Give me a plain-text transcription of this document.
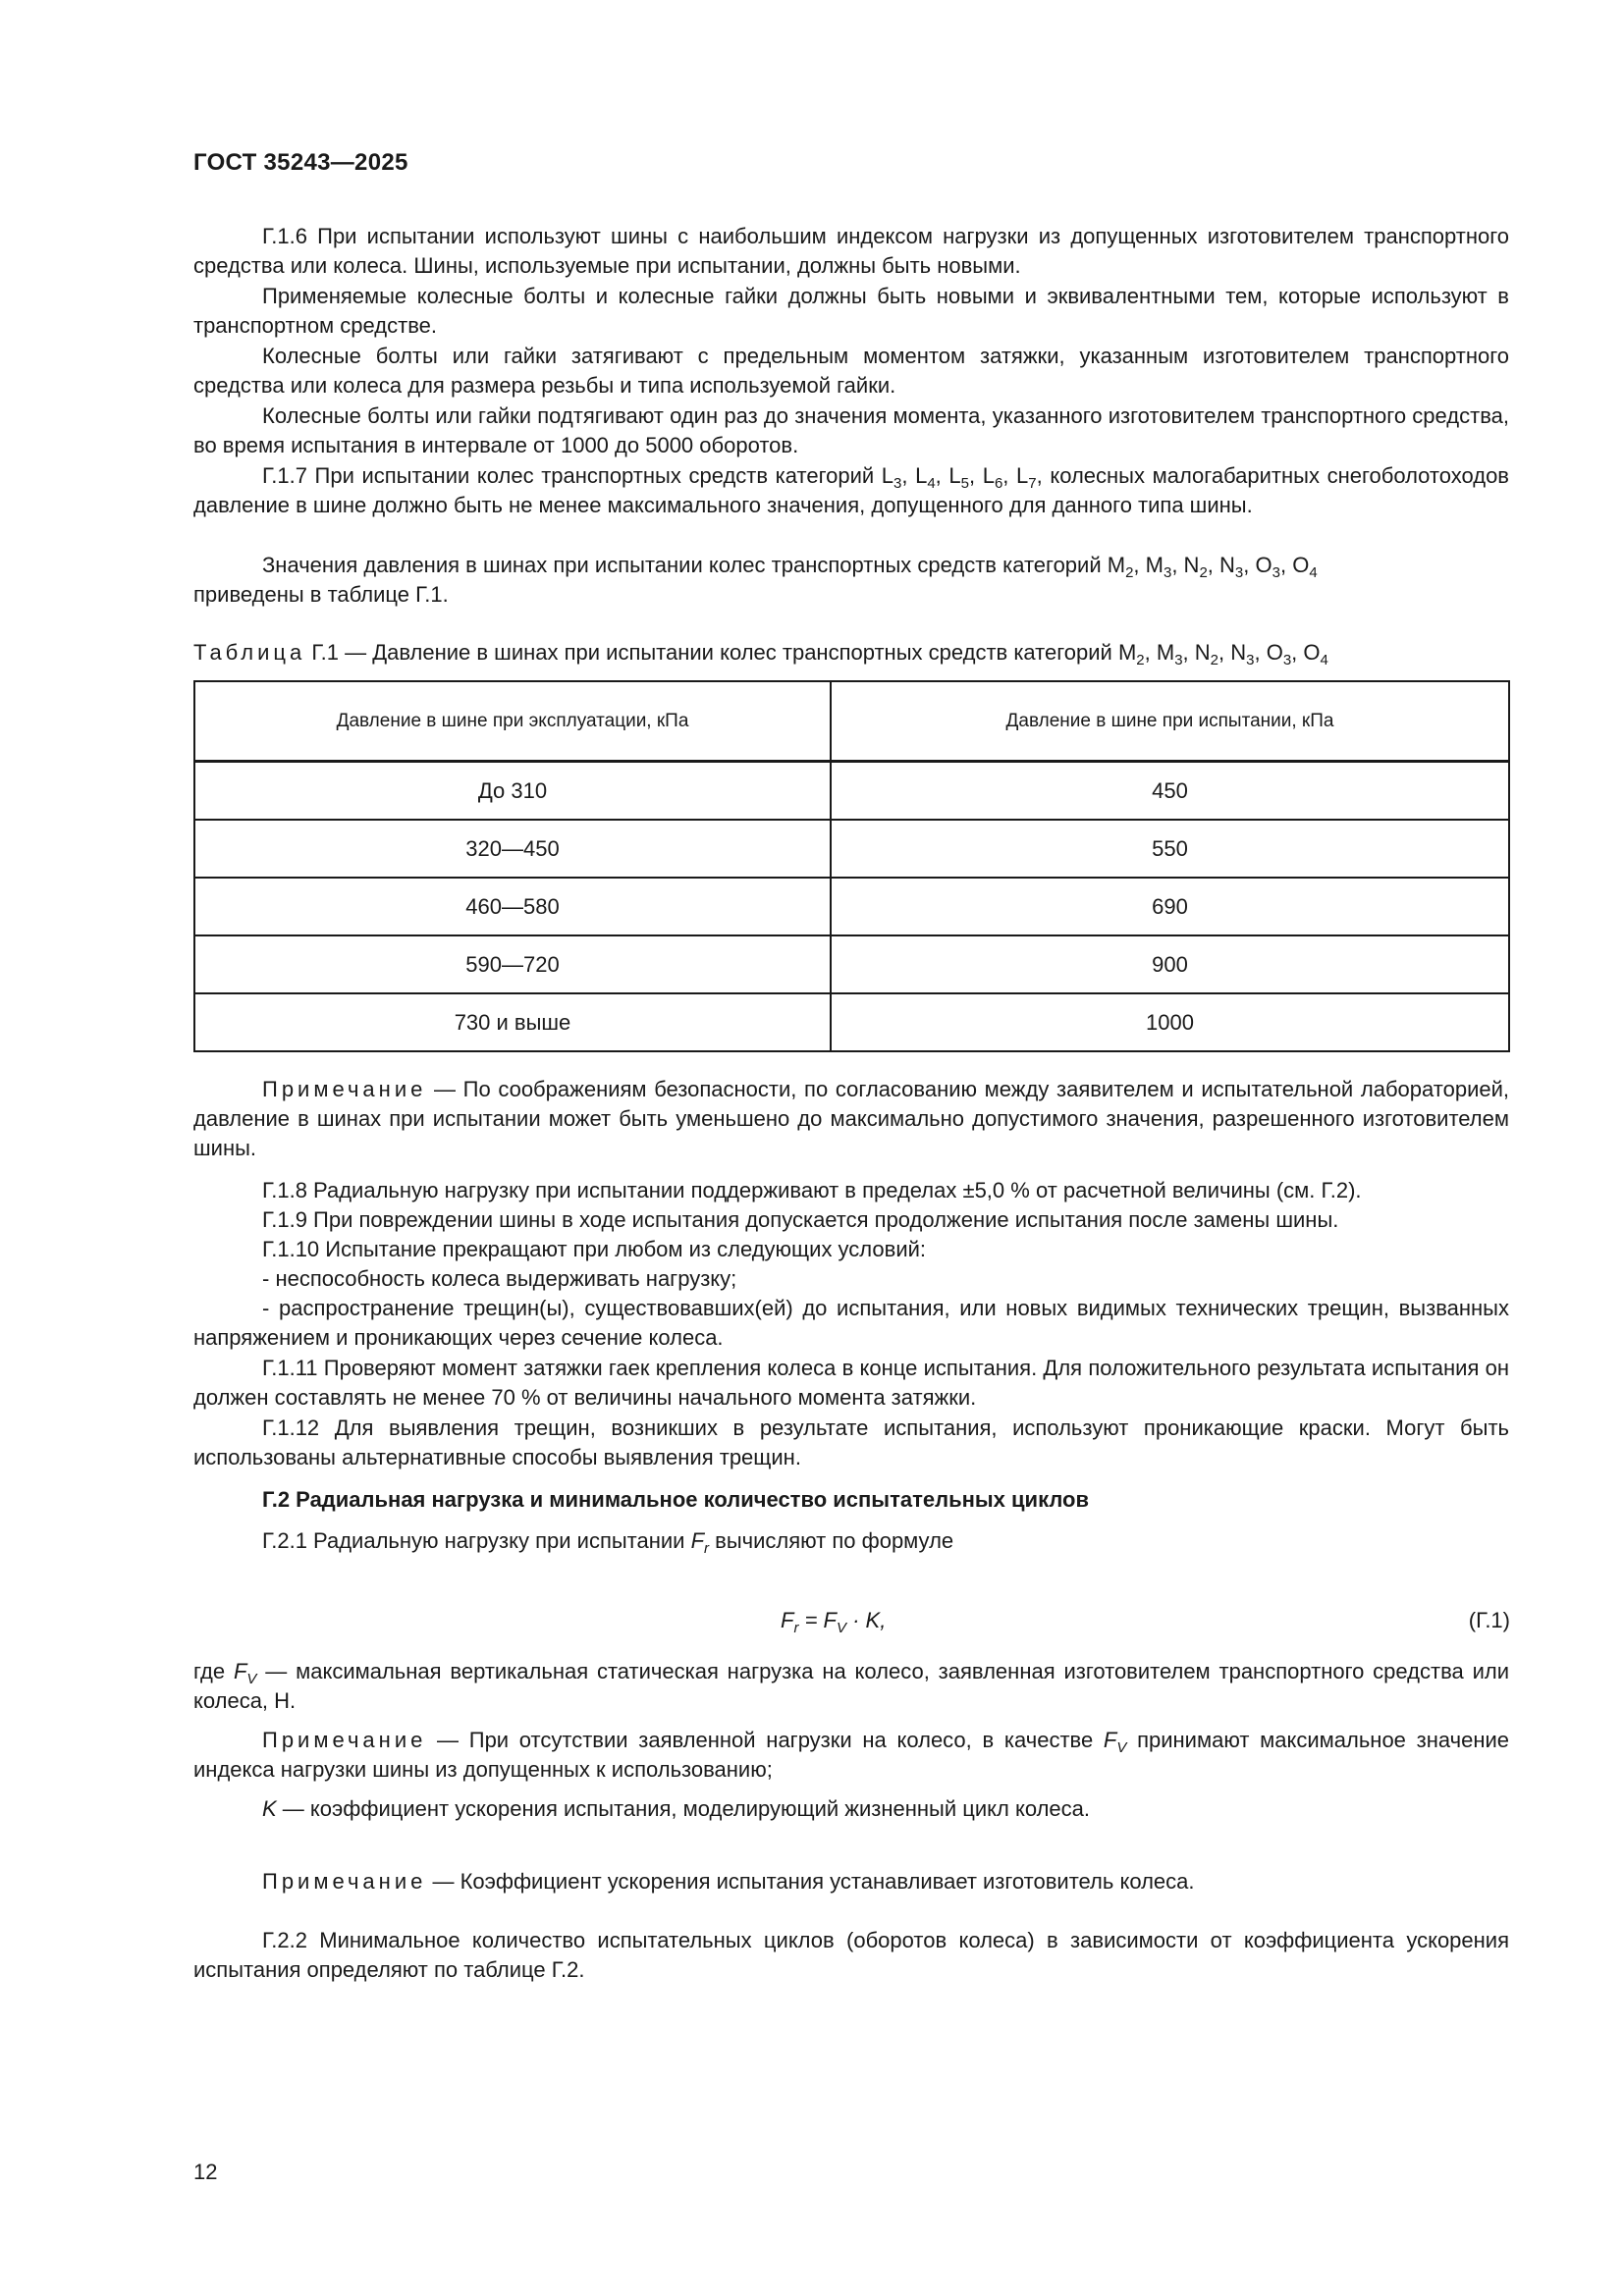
ГОСТ 35243—2025
Г.1.6 При испытании используют шины с наибольшим индексом нагрузки из допущенных изготовителем транспортного средства или колеса. Шины, используемые при испытании, должны быть новыми.
Применяемые колесные болты и колесные гайки должны быть новыми и эквивалентными тем, которые используют в транспортном средстве.
Колесные болты или гайки затягивают с предельным моментом затяжки, указанным изготовителем транспортного средства или колеса для размера резьбы и типа используемой гайки.
Колесные болты или гайки подтягивают один раз до значения момента, указанного изготовителем транспортного средства, во время испытания в интервале от 1000 до 5000 оборотов.
Г.1.7 При испытании колес транспортных средств категорий $L_3$, $L_4$, $L_5$, $L_6$, $L_7$, колесных малогабаритных снегоболотоходов давление в шине должно быть не менее максимального значения, допущенного для данного типа шины.
Значения давления в шинах при испытании колес транспортных средств категорий $M_2$, $M_3$, $N_2$, $N_3$, $O_3$, $O_4$
приведены в таблице Г.1.
Таблица Г.1 — Давление в шинах при испытании колес транспортных средств категорий $M_2$, $M_3$, $N_2$, $N_3$, $O_3$, $O_4$
Давление в шине при эксплуатации, кПа	Давление в шине при испытании, кПа
До 310	450
320—450	550
460—580	690
590—720	900
730 и выше	1000
Примечание — По соображениям безопасности, по согласованию между заявителем и испытательной лабораторией, давление в шинах при испытании может быть уменьшено до максимально допустимого значения, разрешенного изготовителем шины.
Г.1.8 Радиальную нагрузку при испытании поддерживают в пределах ±5,0 % от расчетной величины (см. Г.2).
Г.1.9 При повреждении шины в ходе испытания допускается продолжение испытания после замены шины.
Г.1.10 Испытание прекращают при любом из следующих условий:
- неспособность колеса выдерживать нагрузку;
- распространение трещин(ы), существовавших(ей) до испытания, или новых видимых технических трещин, вызванных напряжением и проникающих через сечение колеса.
Г.1.11 Проверяют момент затяжки гаек крепления колеса в конце испытания. Для положительного результата испытания он должен составлять не менее 70 % от величины начального момента затяжки.
Г.1.12 Для выявления трещин, возникших в результате испытания, используют проникающие краски. Могут быть использованы альтернативные способы выявления трещин.
Г.2 Радиальная нагрузка и минимальное количество испытательных циклов
Г.2.1 Радиальную нагрузку при испытании $F_r$ вычисляют по формуле
$F_r = F_V \cdot K$,	(Г.1)
где $F_V$ — максимальная вертикальная статическая нагрузка на колесо, заявленная изготовителем транспортного средства или колеса, Н.
Примечание — При отсутствии заявленной нагрузки на колесо, в качестве $F_V$ принимают максимальное значение индекса нагрузки шины из допущенных к использованию;
K — коэффициент ускорения испытания, моделирующий жизненный цикл колеса.
Примечание — Коэффициент ускорения испытания устанавливает изготовитель колеса.
Г.2.2 Минимальное количество испытательных циклов (оборотов колеса) в зависимости от коэффициента ускорения испытания определяют по таблице Г.2.
12
